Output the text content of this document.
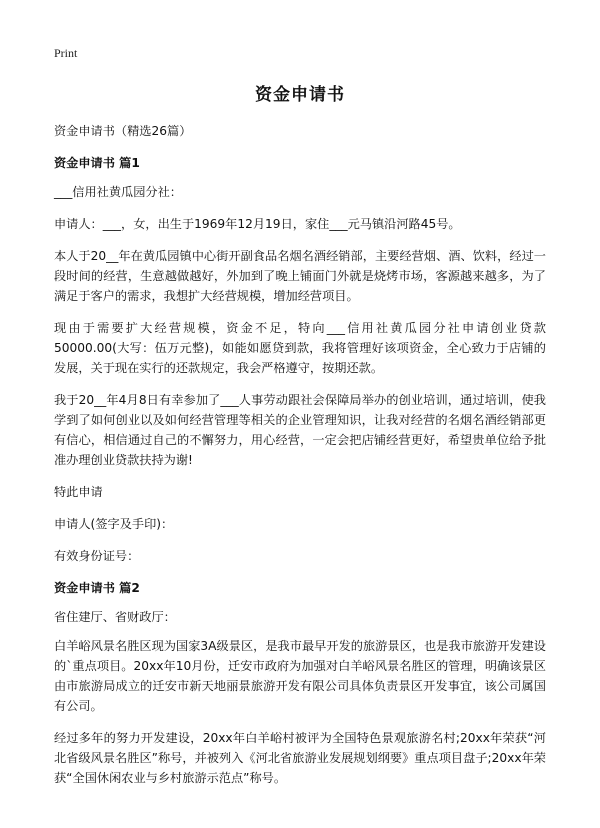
Print
资金申请书

资金申请书（精选26篇）

资金申请书 篇1

___信用社黄瓜园分社：

申请人：___，女，出生于1969年12月19日，家住___元马镇沿河路45号。

本人于20__年在黄瓜园镇中心街开副食品名烟名酒经销部，主要经营烟、酒、饮料，经过一段时间的经营，生意越做越好，外加到了晚上铺面门外就是烧烤市场，客源越来越多，为了满足于客户的需求，我想扩大经营规模，增加经营项目。

现由于需要扩大经营规模，资金不足，特向___信用社黄瓜园分社申请创业贷款50000.00(大写：伍万元整)，如能如愿贷到款，我将管理好该项资金，全心致力于店铺的发展，关于现在实行的还款规定，我会严格遵守，按期还款。

我于20__年4月8日有幸参加了___人事劳动跟社会保障局举办的创业培训，通过培训，使我学到了如何创业以及如何经营管理等相关的企业管理知识，让我对经营的名烟名酒经销部更有信心，相信通过自己的不懈努力，用心经营，一定会把店铺经营更好，希望贵单位给予批准办理创业贷款扶持为谢!

特此申请

申请人(签字及手印)：

有效身份证号：

资金申请书 篇2

省住建厅、省财政厅：

白羊峪风景名胜区现为国家3A级景区，是我市最早开发的旅游景区，也是我市旅游开发建设的`重点项目。20xx年10月份，迁安市政府为加强对白羊峪风景名胜区的管理，明确该景区由市旅游局成立的迁安市新天地丽景旅游开发有限公司具体负责景区开发事宜，该公司属国有公司。

经过多年的努力开发建设，20xx年白羊峪村被评为全国特色景观旅游名村;20xx年荣获“河北省级风景名胜区”称号，并被列入《河北省旅游业发展规划纲要》重点项目盘子;20xx年荣获“全国休闲农业与乡村旅游示范点”称号。
